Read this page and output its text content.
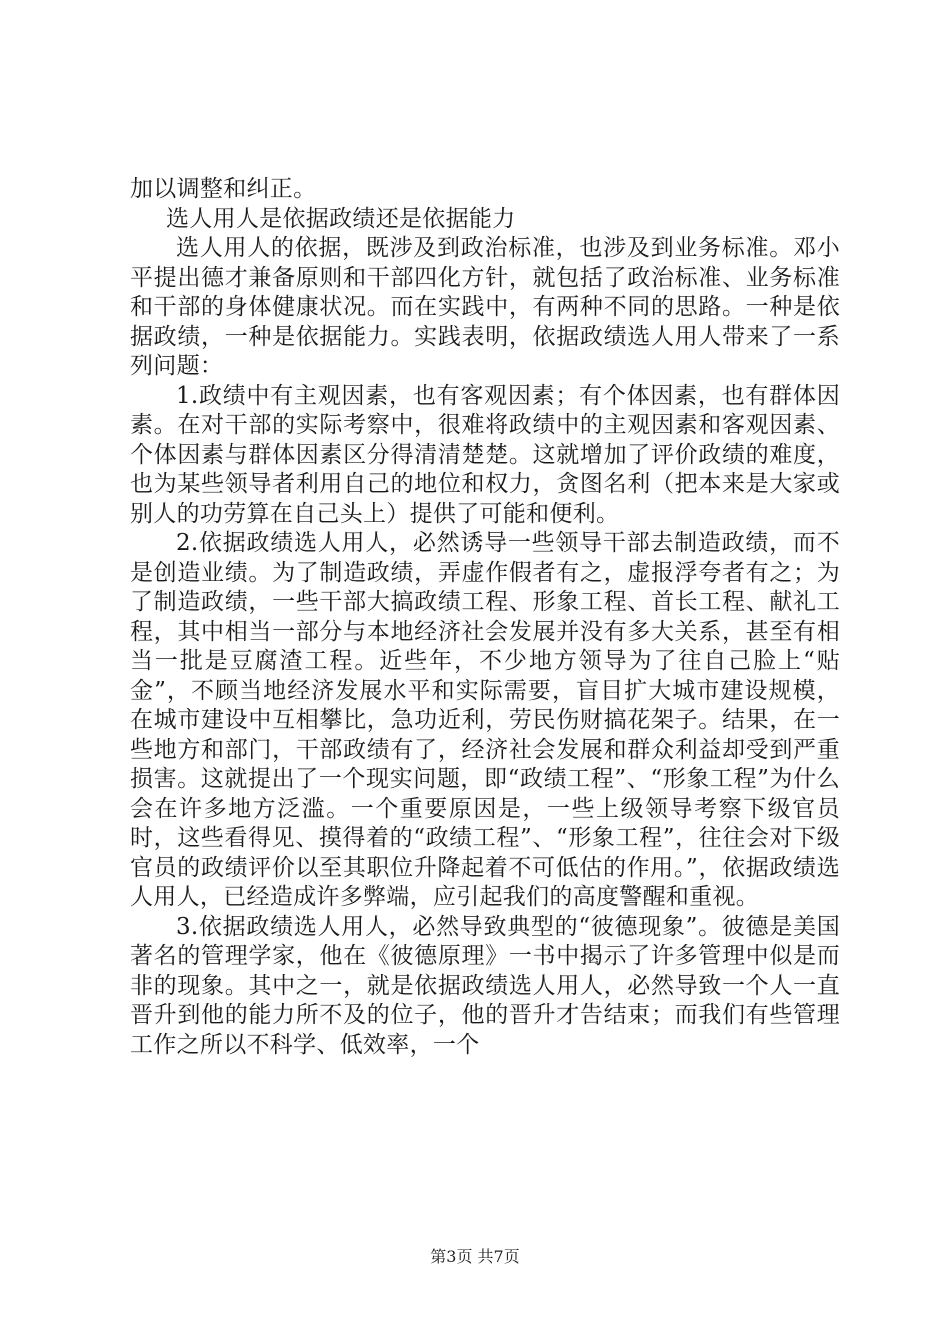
加以调整和纠正。

选人用人是依据政绩还是依据能力

选人用人的依据，既涉及到政治标准，也涉及到业务标准。邓小平提出德才兼备原则和干部四化方针，就包括了政治标准、业务标准和干部的身体健康状况。而在实践中，有两种不同的思路。一种是依据政绩，一种是依据能力。实践表明，依据政绩选人用人带来了一系列问题：

1.政绩中有主观因素，也有客观因素；有个体因素，也有群体因素。在对干部的实际考察中，很难将政绩中的主观因素和客观因素、个体因素与群体因素区分得清清楚楚。这就增加了评价政绩的难度，也为某些领导者利用自己的地位和权力，贪图名利（把本来是大家或别人的功劳算在自己头上）提供了可能和便利。

2.依据政绩选人用人，必然诱导一些领导干部去制造政绩，而不是创造业绩。为了制造政绩，弄虚作假者有之，虚报浮夸者有之；为了制造政绩，一些干部大搞政绩工程、形象工程、首长工程、献礼工程，其中相当一部分与本地经济社会发展并没有多大关系，甚至有相当一批是豆腐渣工程。近些年，不少地方领导为了往自己脸上“贴金”，不顾当地经济发展水平和实际需要，盲目扩大城市建设规模，在城市建设中互相攀比，急功近利，劳民伤财搞花架子。结果，在一些地方和部门，干部政绩有了，经济社会发展和群众利益却受到严重损害。这就提出了一个现实问题，即“政绩工程”、“形象工程”为什么会在许多地方泛滥。一个重要原因是，一些上级领导考察下级官员时，这些看得见、摸得着的“政绩工程”、“形象工程”，往往会对下级官员的政绩评价以至其职位升降起着不可低估的作用。”，依据政绩选人用人，已经造成许多弊端，应引起我们的高度警醒和重视。

3.依据政绩选人用人，必然导致典型的“彼德现象”。彼德是美国著名的管理学家，他在《彼德原理》一书中揭示了许多管理中似是而非的现象。其中之一，就是依据政绩选人用人，必然导致一个人一直晋升到他的能力所不及的位子，他的晋升才告结束；而我们有些管理工作之所以不科学、低效率，一个

第3页 共7页
